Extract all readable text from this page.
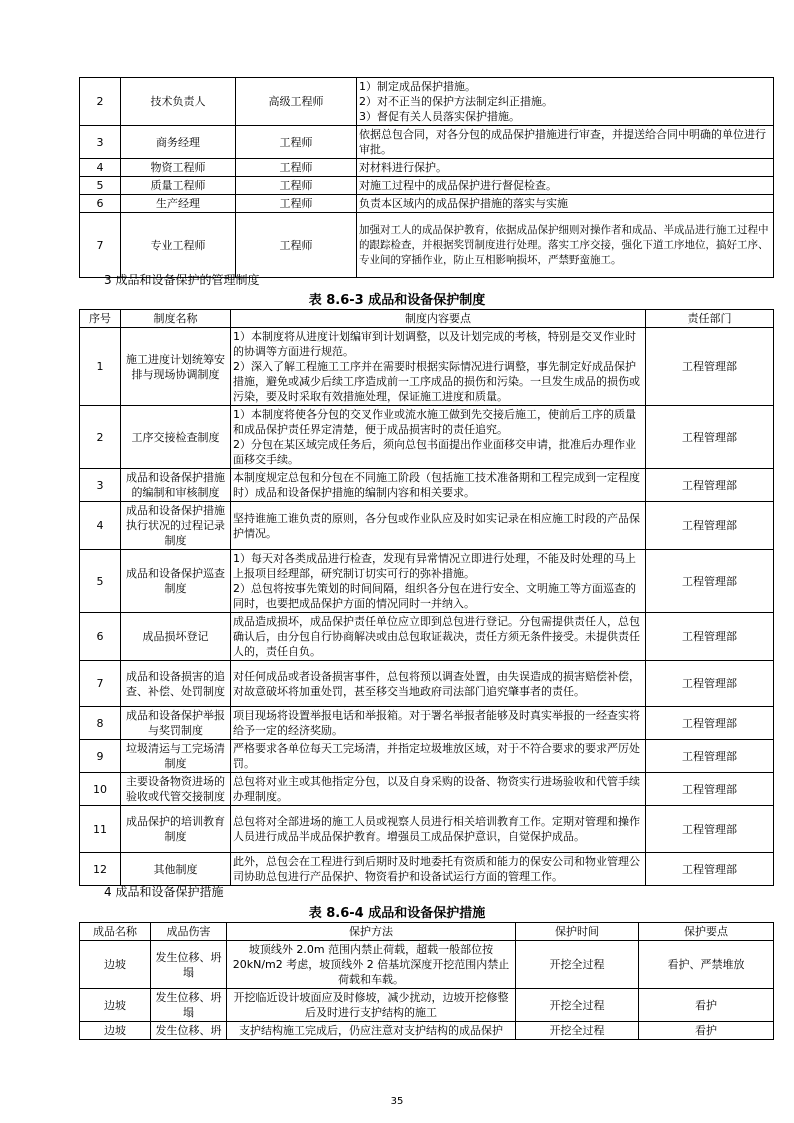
2	技术负责人	高级工程师	1）制定成品保护措施。
2）对不正当的保护方法制定纠正措施。
3）督促有关人员落实保护措施。
3	商务经理	工程师	依据总包合同，对各分包的成品保护措施进行审查，并提送给合同中明确的单位进行审批。
4	物资工程师	工程师	对材料进行保护。
5	质量工程师	工程师	对施工过程中的成品保护进行督促检查。
6	生产经理	工程师	负责本区域内的成品保护措施的落实与实施
7	专业工程师	工程师	加强对工人的成品保护教育，依据成品保护细则对操作者和成品、半成品进行施工过程中的跟踪检查，并根据奖罚制度进行处理。落实工序交接，强化下道工序地位，搞好工序、专业间的穿插作业，防止互相影响损坏，严禁野蛮施工。
3 成品和设备保护的管理制度
表 8.6-3 成品和设备保护制度
序号	制度名称	制度内容要点	责任部门
1	施工进度计划统筹安排与现场协调制度	1）本制度将从进度计划编审到计划调整，以及计划完成的考核，特别是交叉作业时的协调等方面进行规范。
2）深入了解工程施工工序并在需要时根据实际情况进行调整，事先制定好成品保护措施，避免或减少后续工序造成前一工序成品的损伤和污染。一旦发生成品的损伤或污染，要及时采取有效措施处理，保证施工进度和质量。	工程管理部
2	工序交接检查制度	1）本制度将使各分包的交叉作业或流水施工做到先交接后施工，使前后工序的质量和成品保护责任界定清楚，便于成品损害时的责任追究。
2）分包在某区域完成任务后，须向总包书面提出作业面移交申请，批准后办理作业面移交手续。	工程管理部
3	成品和设备保护措施的编制和审核制度	本制度规定总包和分包在不同施工阶段（包括施工技术准备期和工程完成到一定程度时）成品和设备保护措施的编制内容和相关要求。	工程管理部
4	成品和设备保护措施执行状况的过程记录制度	坚持谁施工谁负责的原则，各分包或作业队应及时如实记录在相应施工时段的产品保护情况。	工程管理部
5	成品和设备保护巡查制度	1）每天对各类成品进行检查，发现有异常情况立即进行处理，不能及时处理的马上上报项目经理部，研究制订切实可行的弥补措施。
2）总包将按事先策划的时间间隔，组织各分包在进行安全、文明施工等方面巡查的同时，也要把成品保护方面的情况同时一并纳入。	工程管理部
6	成品损坏登记	成品造成损坏，成品保护责任单位应立即到总包进行登记。分包需提供责任人，总包确认后，由分包自行协商解决或由总包取证裁决，责任方须无条件接受。未提供责任人的，责任自负。	工程管理部
7	成品和设备损害的追查、补偿、处罚制度	对任何成品或者设备损害事件，总包将预以调查处置，由失误造成的损害赔偿补偿，对故意破坏将加重处罚，甚至移交当地政府司法部门追究肇事者的责任。	工程管理部
8	成品和设备保护举报与奖罚制度	项目现场将设置举报电话和举报箱。对于署名举报者能够及时真实举报的一经查实将给予一定的经济奖励。	工程管理部
9	垃圾清运与工完场清制度	严格要求各单位每天工完场清，并指定垃圾堆放区域，对于不符合要求的要求严厉处罚。	工程管理部
10	主要设备物资进场的验收或代管交接制度	总包将对业主或其他指定分包，以及自身采购的设备、物资实行进场验收和代管手续办理制度。	工程管理部
11	成品保护的培训教育制度	总包将对全部进场的施工人员或视察人员进行相关培训教育工作。定期对管理和操作人员进行成品半成品保护教育。增强员工成品保护意识，自觉保护成品。	工程管理部
12	其他制度	此外，总包会在工程进行到后期时及时地委托有资质和能力的保安公司和物业管理公司协助总包进行产品保护、物资看护和设备试运行方面的管理工作。	工程管理部
4 成品和设备保护措施
表 8.6-4 成品和设备保护措施
成品名称	成品伤害	保护方法	保护时间	保护要点
边坡	发生位移、坍塌	坡顶线外 2.0m 范围内禁止荷载，超载一般部位按 20kN/m2 考虑，坡顶线外 2 倍基坑深度开挖范围内禁止荷载和车载。	开挖全过程	看护、严禁堆放
边坡	发生位移、坍塌	开挖临近设计坡面应及时修坡，减少扰动，边坡开挖修整后及时进行支护结构的施工	开挖全过程	看护
边坡	发生位移、坍	支护结构施工完成后，仍应注意对支护结构的成品保护	开挖全过程	看护
35
